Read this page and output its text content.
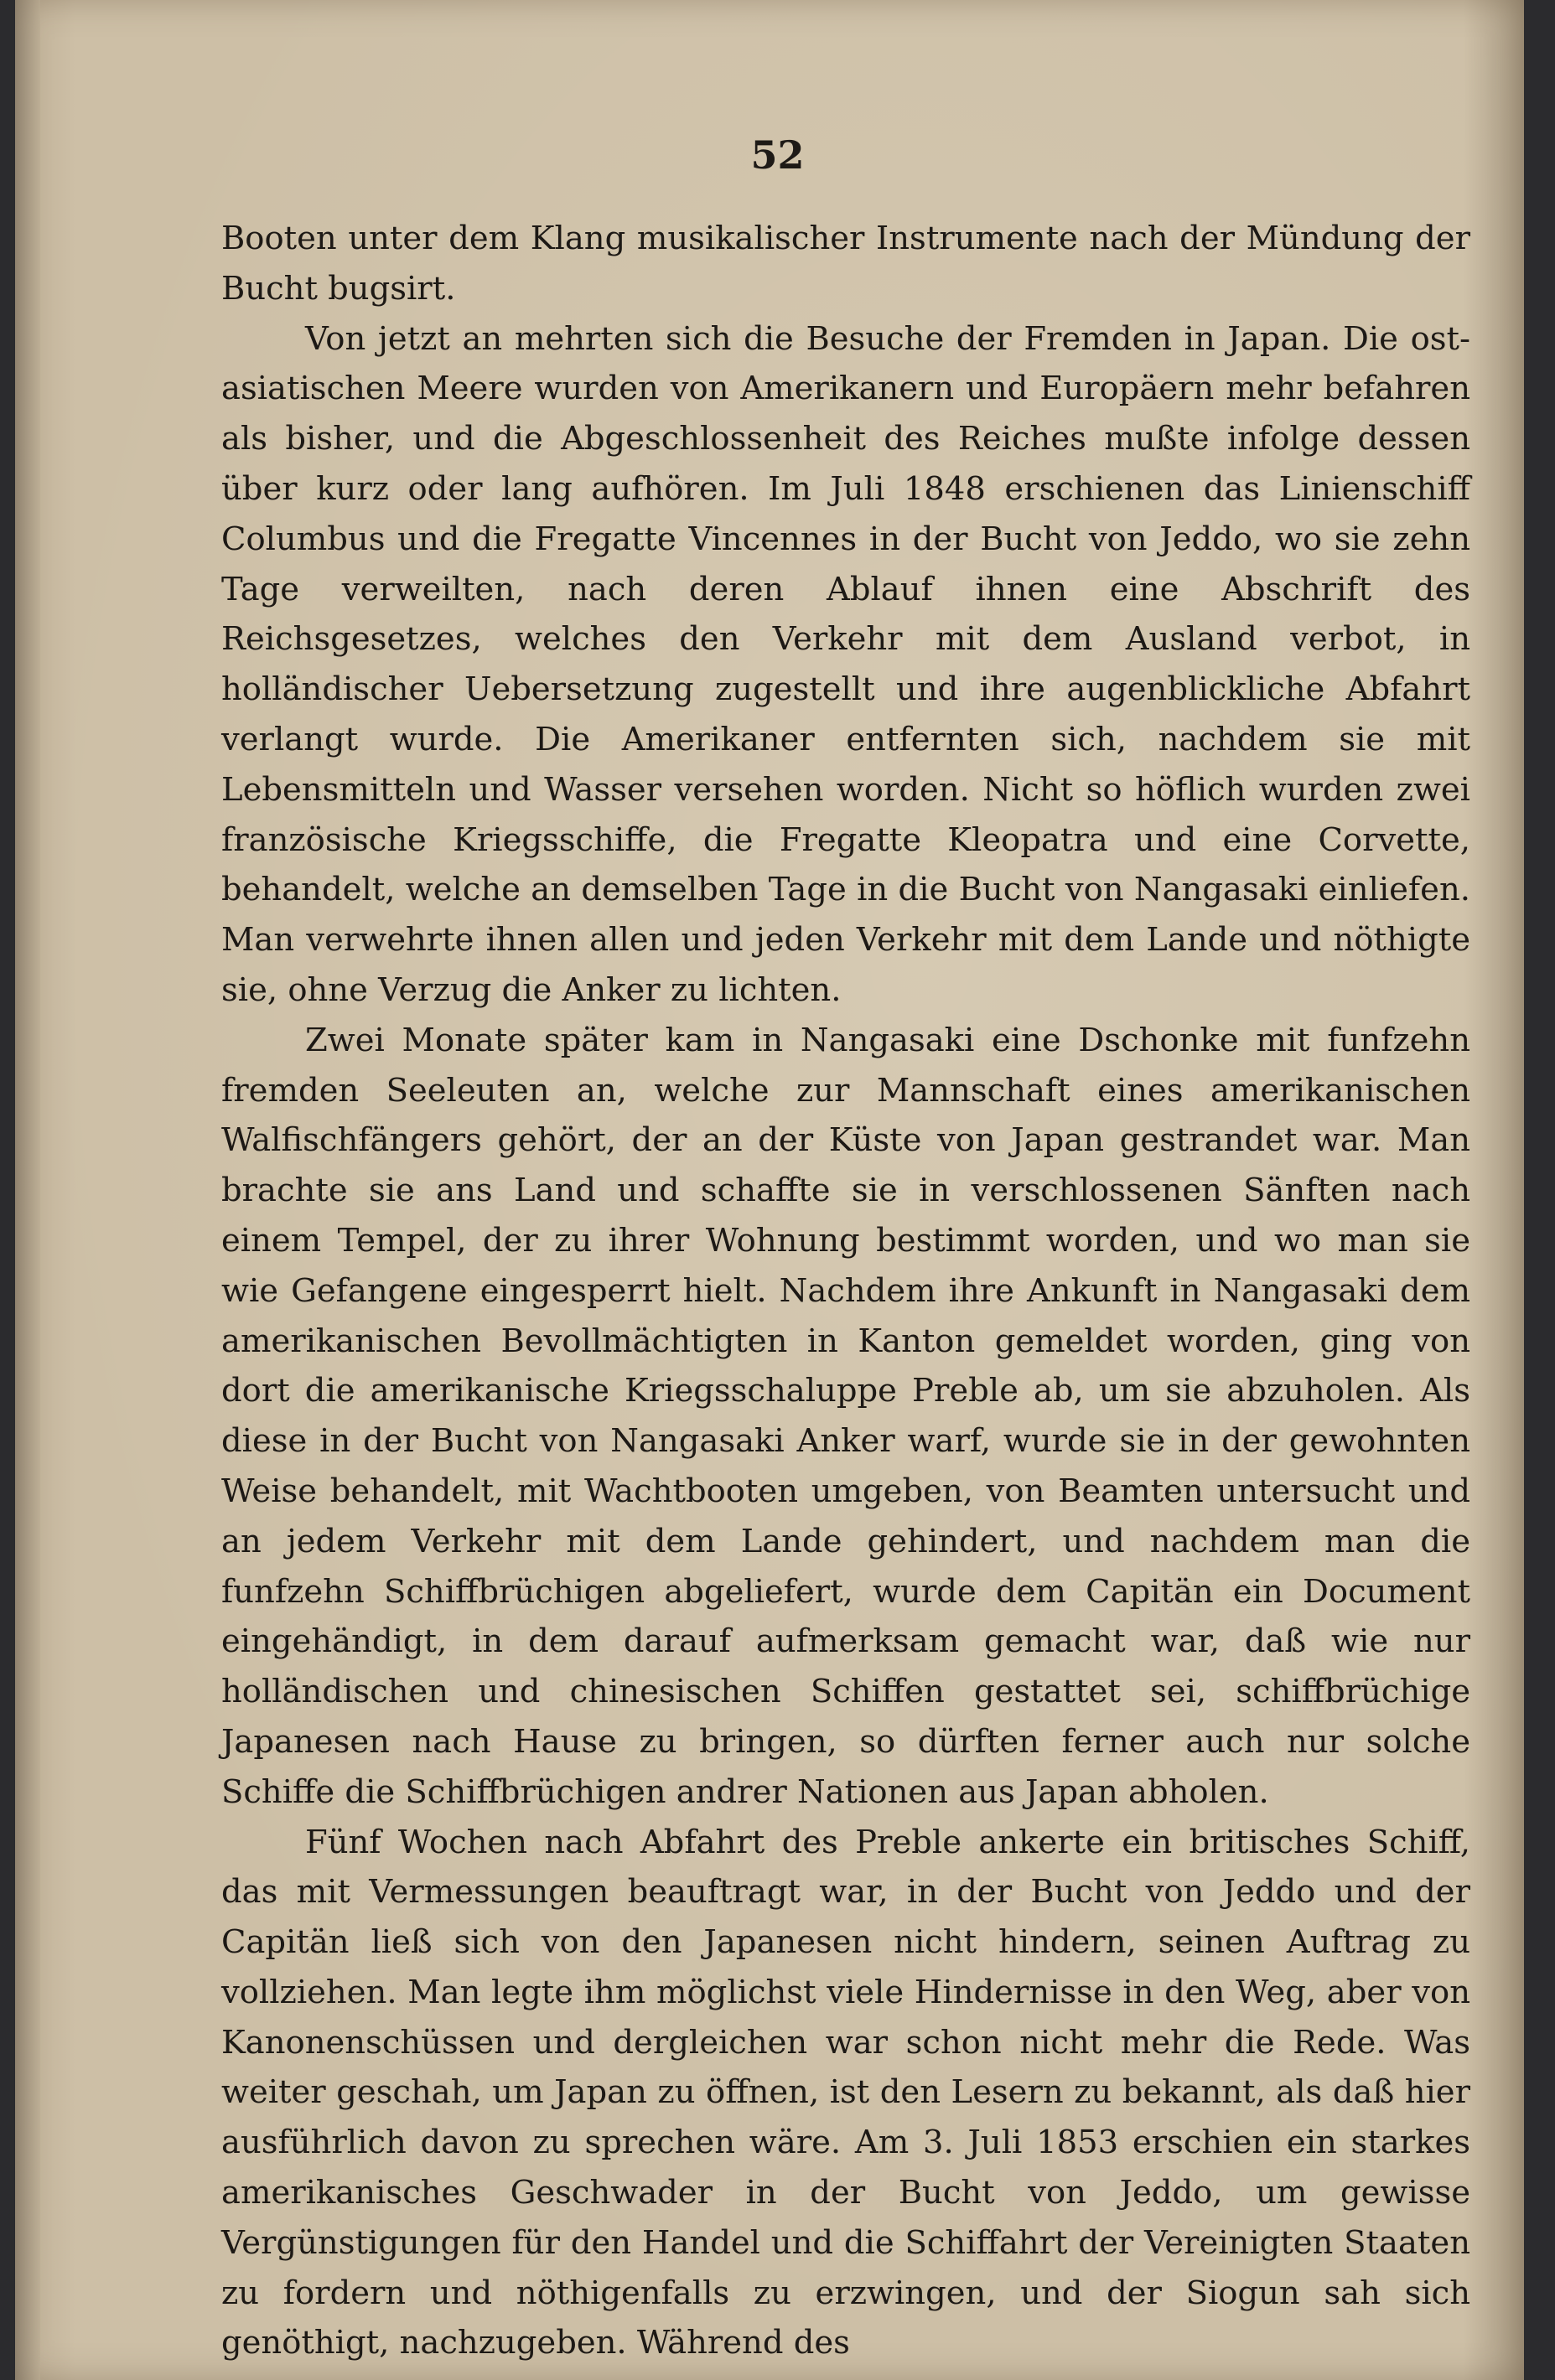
52

Booten unter dem Klang musikalischer Instrumente nach der Mündung der Bucht bugsirt.

Von jetzt an mehrten sich die Besuche der Fremden in Japan. Die ost-asiatischen Meere wurden von Amerikanern und Europäern mehr befahren als bisher, und die Abgeschlossenheit des Reiches mußte infolge dessen über kurz oder lang aufhören. Im Juli 1848 erschienen das Linienschiff Columbus und die Fregatte Vincennes in der Bucht von Jeddo, wo sie zehn Tage verweilten, nach deren Ablauf ihnen eine Abschrift des Reichsgesetzes, welches den Verkehr mit dem Ausland verbot, in holländischer Uebersetzung zugestellt und ihre augenblickliche Abfahrt verlangt wurde. Die Amerikaner entfernten sich, nachdem sie mit Lebensmitteln und Wasser versehen worden. Nicht so höflich wurden zwei französische Kriegsschiffe, die Fregatte Kleopatra und eine Corvette, behandelt, welche an demselben Tage in die Bucht von Nangasaki einliefen. Man verwehrte ihnen allen und jeden Verkehr mit dem Lande und nöthigte sie, ohne Verzug die Anker zu lichten.

Zwei Monate später kam in Nangasaki eine Dschonke mit funfzehn fremden Seeleuten an, welche zur Mannschaft eines amerikanischen Walfischfängers gehört, der an der Küste von Japan gestrandet war. Man brachte sie ans Land und schaffte sie in verschlossenen Sänften nach einem Tempel, der zu ihrer Wohnung bestimmt worden, und wo man sie wie Gefangene eingesperrt hielt. Nachdem ihre Ankunft in Nangasaki dem amerikanischen Bevollmächtigten in Kanton gemeldet worden, ging von dort die amerikanische Kriegsschaluppe Preble ab, um sie abzuholen. Als diese in der Bucht von Nangasaki Anker warf, wurde sie in der gewohnten Weise behandelt, mit Wachtbooten umgeben, von Beamten untersucht und an jedem Verkehr mit dem Lande gehindert, und nachdem man die funfzehn Schiffbrüchigen abgeliefert, wurde dem Capitän ein Document eingehändigt, in dem darauf aufmerksam gemacht war, daß wie nur holländischen und chinesischen Schiffen gestattet sei, schiffbrüchige Japanesen nach Hause zu bringen, so dürften ferner auch nur solche Schiffe die Schiffbrüchigen andrer Nationen aus Japan abholen.

Fünf Wochen nach Abfahrt des Preble ankerte ein britisches Schiff, das mit Vermessungen beauftragt war, in der Bucht von Jeddo und der Capitän ließ sich von den Japanesen nicht hindern, seinen Auftrag zu vollziehen. Man legte ihm möglichst viele Hindernisse in den Weg, aber von Kanonenschüssen und dergleichen war schon nicht mehr die Rede. Was weiter geschah, um Japan zu öffnen, ist den Lesern zu bekannt, als daß hier ausführlich davon zu sprechen wäre. Am 3. Juli 1853 erschien ein starkes amerikanisches Geschwader in der Bucht von Jeddo, um gewisse Vergünstigungen für den Handel und die Schiffahrt der Vereinigten Staaten zu fordern und nöthigenfalls zu erzwingen, und der Siogun sah sich genöthigt, nachzugeben. Während des
